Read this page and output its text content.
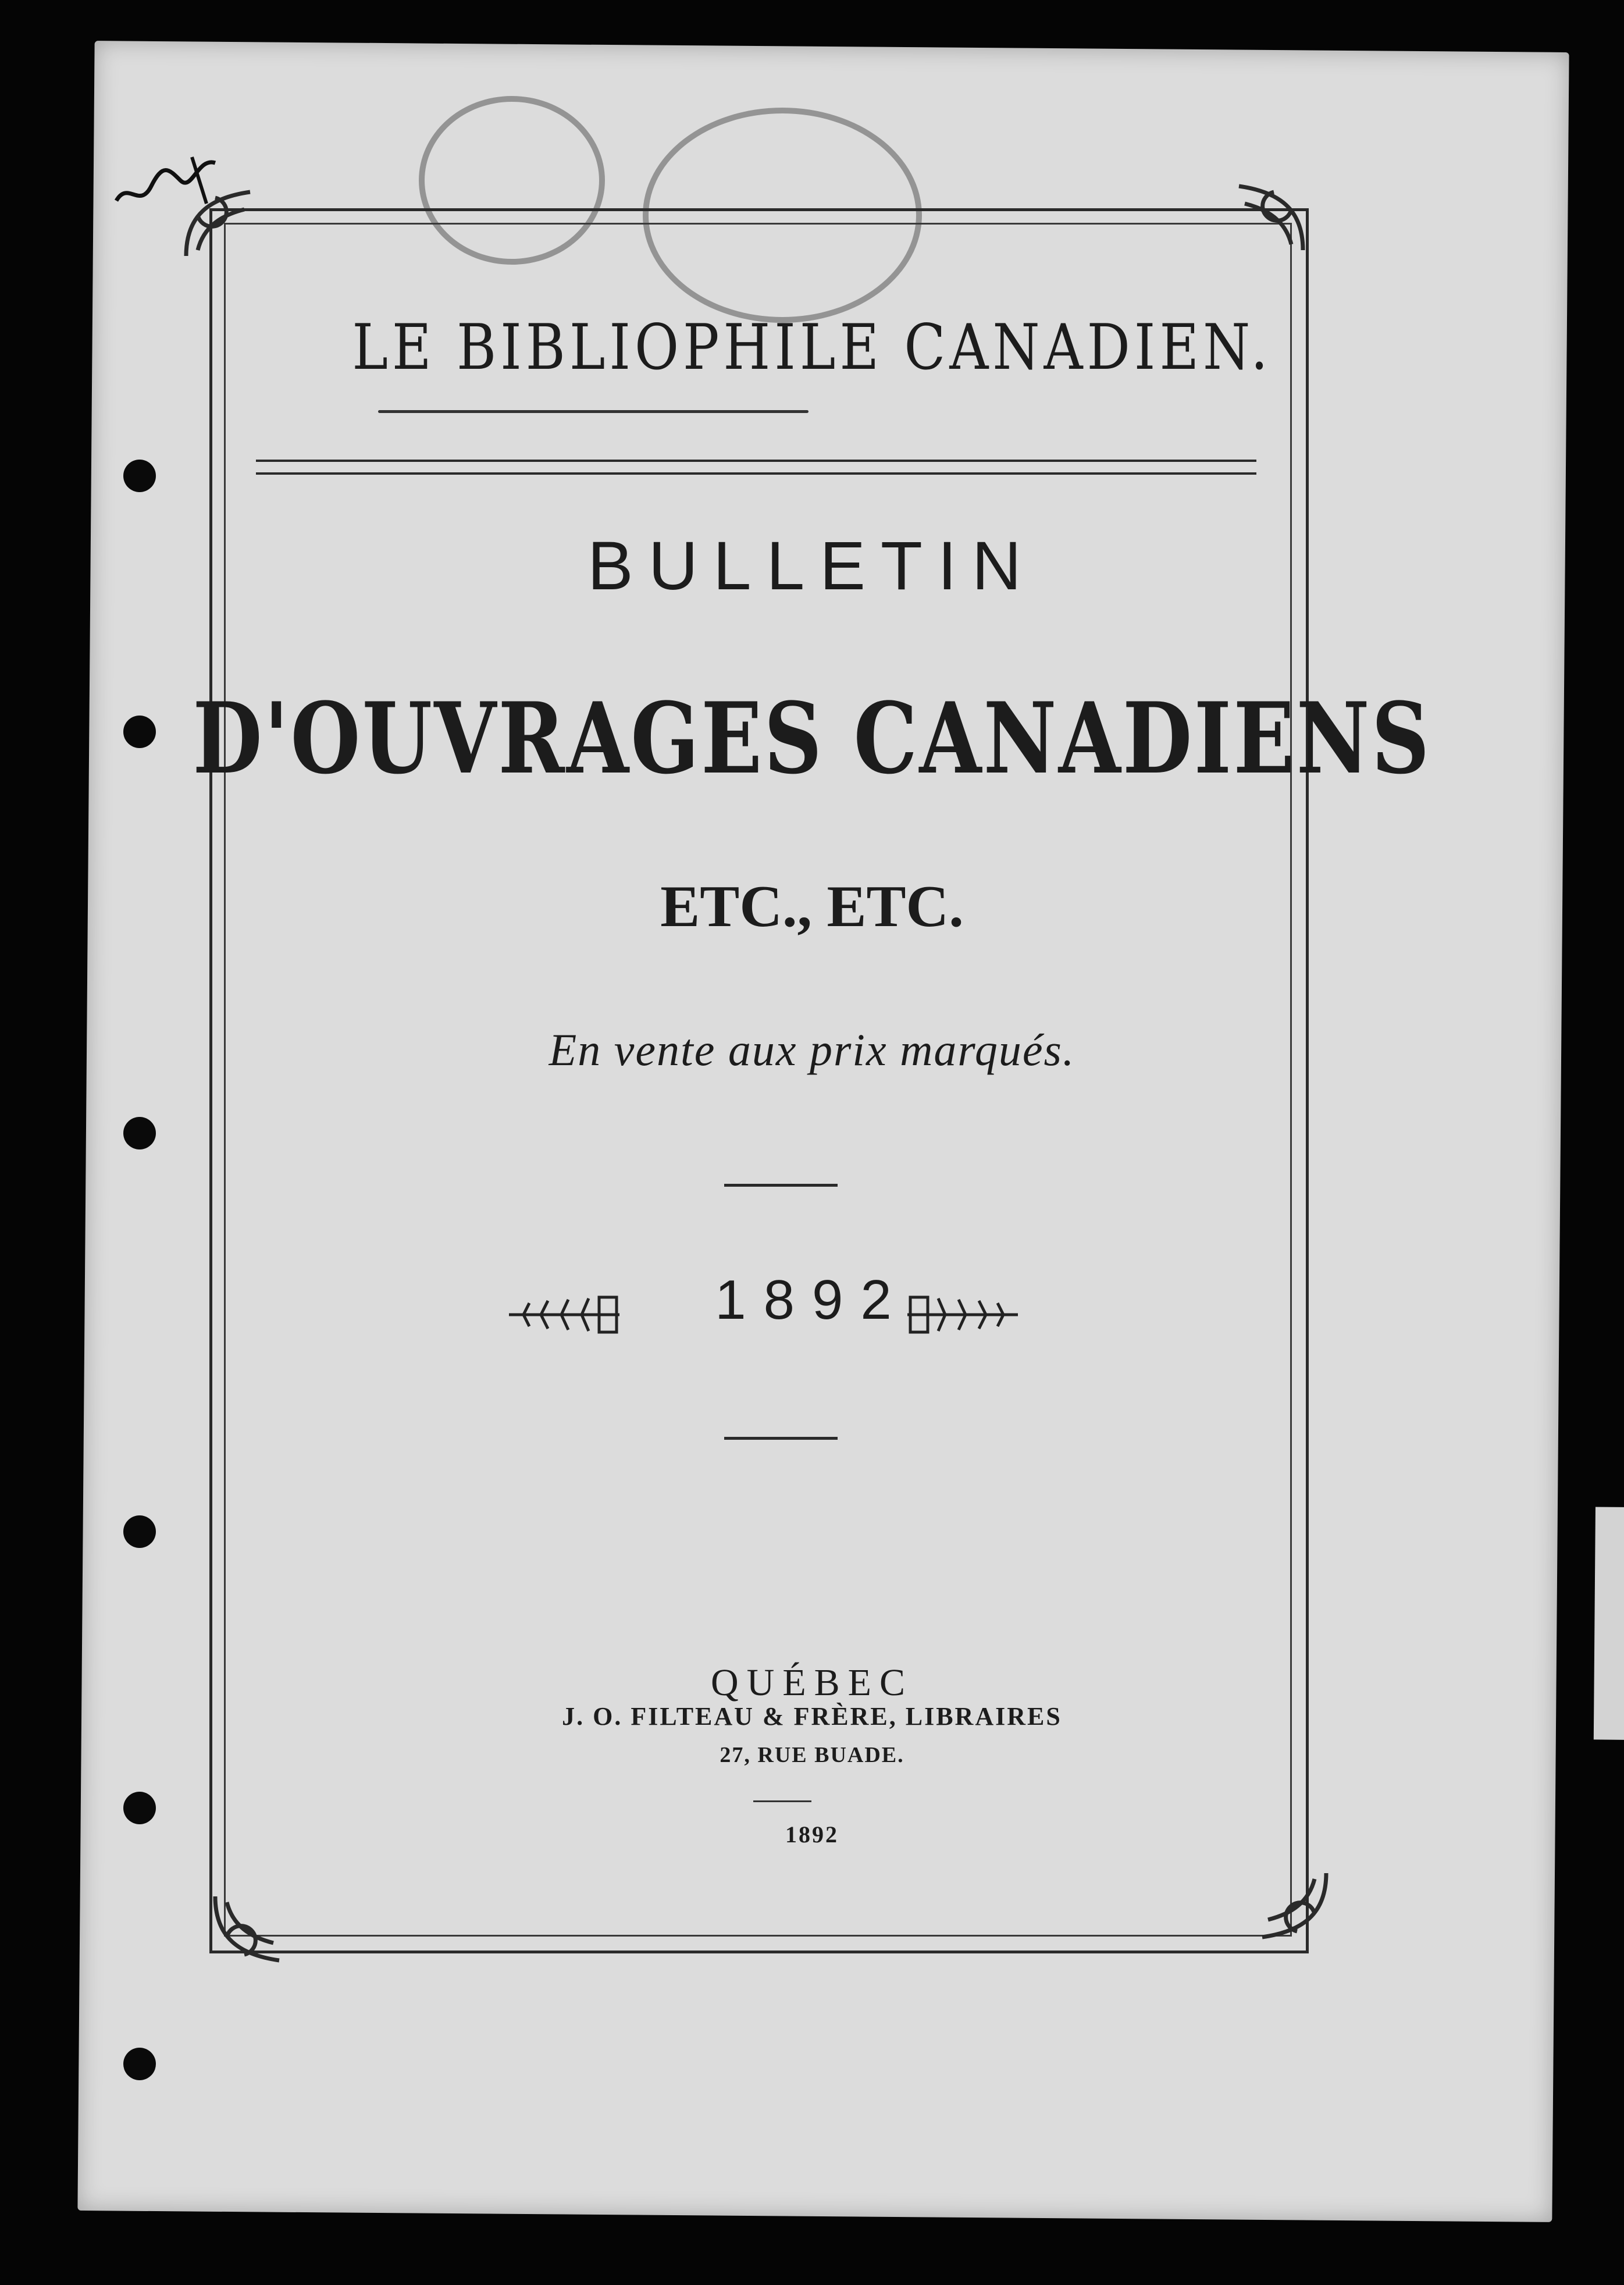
LE BIBLIOPHILE CANADIEN.
BULLETIN
D'OUVRAGES CANADIENS
ETC., ETC.
En vente aux prix marqués.
1892
QUÉBEC
J. O. FILTEAU & FRÈRE, LIBRAIRES
27, RUE BUADE.
1892
